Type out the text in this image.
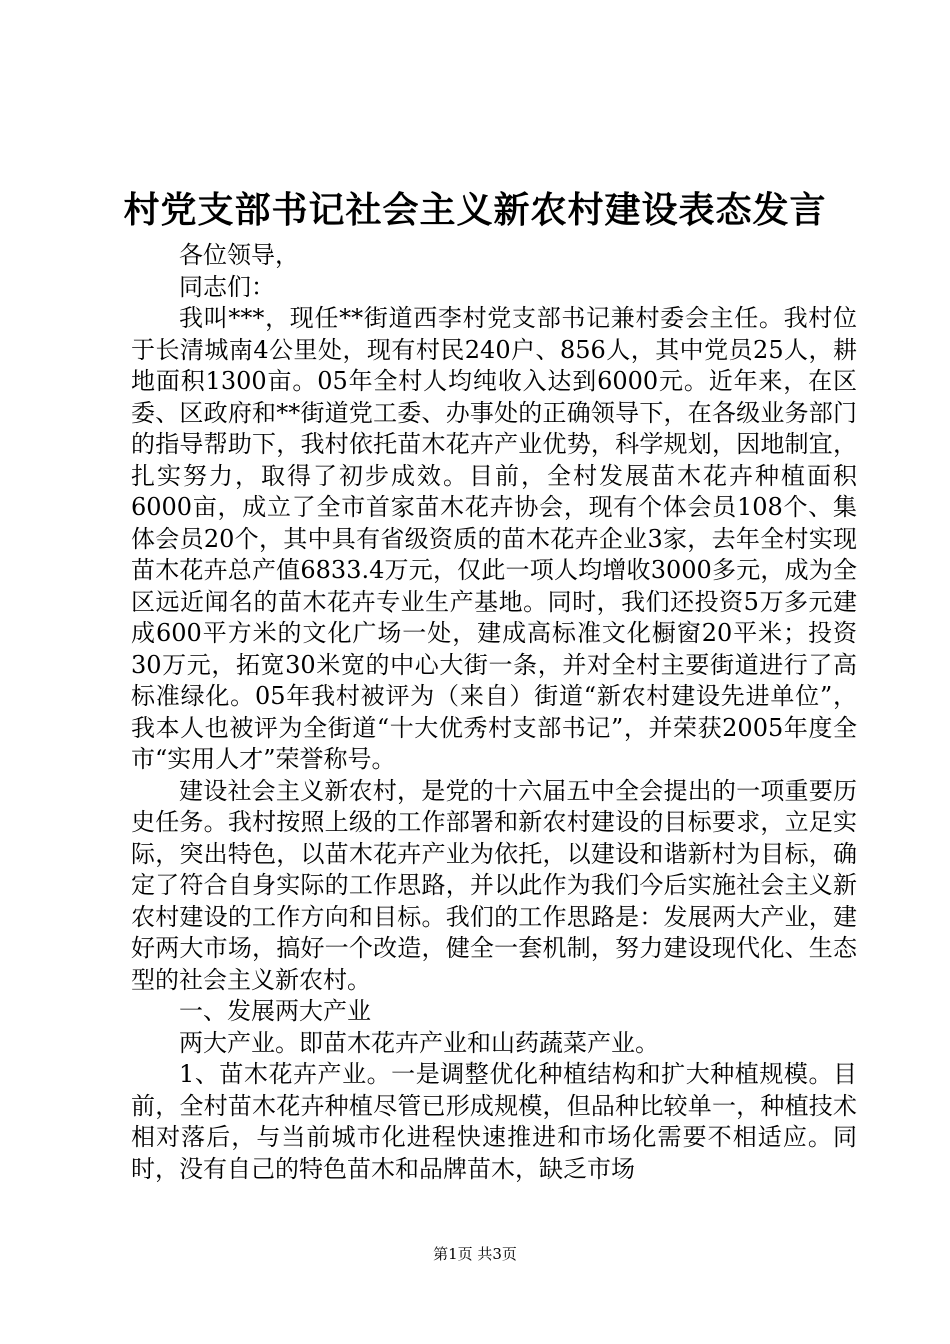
村党支部书记社会主义新农村建设表态发言

各位领导，

同志们：

我叫***，现任**街道西李村党支部书记兼村委会主任。我村位于长清城南4公里处，现有村民240户、856人，其中党员25人，耕地面积1300亩。05年全村人均纯收入达到6000元。近年来，在区委、区政府和**街道党工委、办事处的正确领导下，在各级业务部门的指导帮助下，我村依托苗木花卉产业优势，科学规划，因地制宜，扎实努力，取得了初步成效。目前，全村发展苗木花卉种植面积6000亩，成立了全市首家苗木花卉协会，现有个体会员108个、集体会员20个，其中具有省级资质的苗木花卉企业3家，去年全村实现苗木花卉总产值6833.4万元，仅此一项人均增收3000多元，成为全区远近闻名的苗木花卉专业生产基地。同时，我们还投资5万多元建成600平方米的文化广场一处，建成高标准文化橱窗20平米；投资30万元，拓宽30米宽的中心大街一条，并对全村主要街道进行了高标准绿化。05年我村被评为（来自）街道“新农村建设先进单位”，我本人也被评为全街道“十大优秀村支部书记”，并荣获2005年度全市“实用人才”荣誉称号。

建设社会主义新农村，是党的十六届五中全会提出的一项重要历史任务。我村按照上级的工作部署和新农村建设的目标要求，立足实际，突出特色，以苗木花卉产业为依托，以建设和谐新村为目标，确定了符合自身实际的工作思路，并以此作为我们今后实施社会主义新农村建设的工作方向和目标。我们的工作思路是：发展两大产业，建好两大市场，搞好一个改造，健全一套机制，努力建设现代化、生态型的社会主义新农村。

一、发展两大产业

两大产业。即苗木花卉产业和山药蔬菜产业。

1、苗木花卉产业。一是调整优化种植结构和扩大种植规模。目前，全村苗木花卉种植尽管已形成规模，但品种比较单一，种植技术相对落后，与当前城市化进程快速推进和市场化需要不相适应。同时，没有自己的特色苗木和品牌苗木，缺乏市场

第1页 共3页
